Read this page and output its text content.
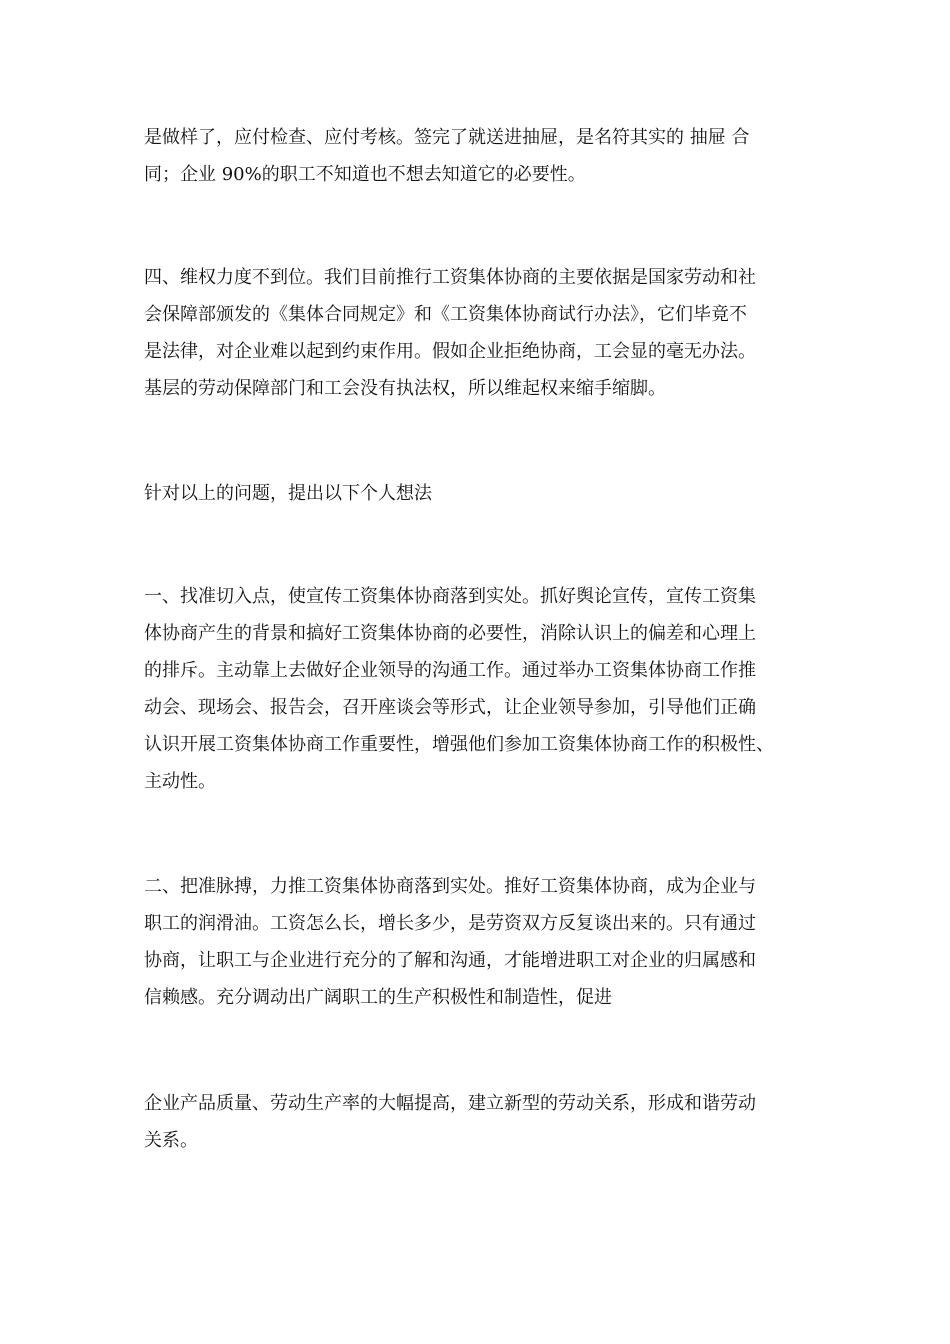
是做样了，应付检查、应付考核。签完了就送进抽屉，是名符其实的 抽屉 合
同；企业 90%的职工不知道也不想去知道它的必要性。
四、维权力度不到位。我们目前推行工资集体协商的主要依据是国家劳动和社
会保障部颁发的《集体合同规定》和《工资集体协商试行办法》，它们毕竟不
是法律，对企业难以起到约束作用。假如企业拒绝协商，工会显的毫无办法。
基层的劳动保障部门和工会没有执法权，所以维起权来缩手缩脚。
针对以上的问题，提出以下个人想法
一、找准切入点，使宣传工资集体协商落到实处。抓好舆论宣传，宣传工资集
体协商产生的背景和搞好工资集体协商的必要性，消除认识上的偏差和心理上
的排斥。主动靠上去做好企业领导的沟通工作。通过举办工资集体协商工作推
动会、现场会、报告会，召开座谈会等形式，让企业领导参加，引导他们正确
认识开展工资集体协商工作重要性，增强他们参加工资集体协商工作的积极性、
主动性。
二、把准脉搏，力推工资集体协商落到实处。推好工资集体协商，成为企业与
职工的润滑油。工资怎么长，增长多少，是劳资双方反复谈出来的。只有通过
协商，让职工与企业进行充分的了解和沟通，才能增进职工对企业的归属感和
信赖感。充分调动出广阔职工的生产积极性和制造性，促进
企业产品质量、劳动生产率的大幅提高，建立新型的劳动关系，形成和谐劳动
关系。
